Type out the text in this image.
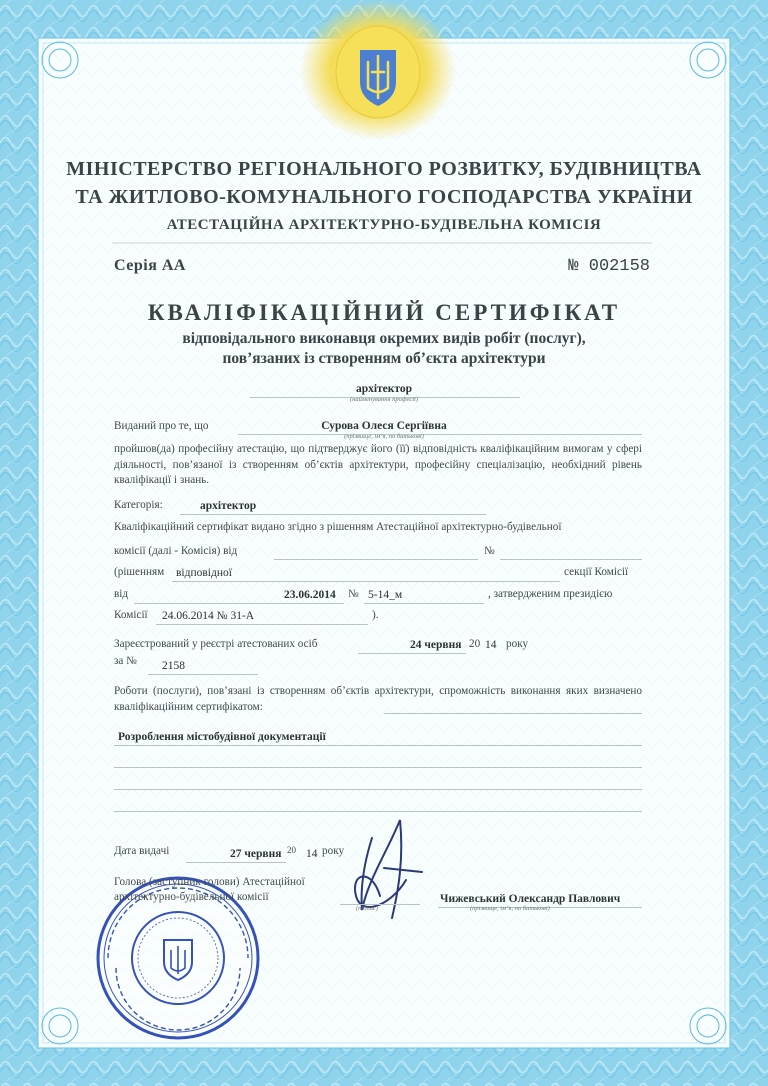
МІНІСТЕРСТВО РЕГІОНАЛЬНОГО РОЗВИТКУ, БУДІВНИЦТВА
ТА ЖИТЛОВО-КОМУНАЛЬНОГО ГОСПОДАРСТВА УКРАЇНИ
АТЕСТАЦІЙНА АРХІТЕКТУРНО-БУДІВЕЛЬНА КОМІСІЯ
Серія АА	№ 002158
КВАЛІФІКАЦІЙНИЙ СЕРТИФІКАТ
відповідального виконавця окремих видів робіт (послуг),
пов’язаних із створенням об’єкта архітектури
архітектор
(найменування професії)
Виданий про те, що	Сурова Олеся Сергіївна
(прізвище, ім’я, по батькові)
пройшов(да) професійну атестацію, що підтверджує його (її) відповідність кваліфікаційним вимогам у сфері діяльності, пов’язаної із створенням об’єктів архітектури, професійну спеціалізацію, необхідний рівень кваліфікації і знань.
Категорія:	архітектор
Кваліфікаційний сертифікат видано згідно з рішенням Атестаційної архітектурно-будівельної
комісії (далі - Комісія) від	№
(рішенням відповідної	секції Комісії
від	23.06.2014 № 5-14_м	, затвердженим президією
Комісії 24.06.2014 № 31-А	).
Зареєстрований у реєстрі атестованих осіб	24 червня 20 14 року
за № 2158
Роботи (послуги), пов’язані із створенням об’єктів архітектури, спроможність виконання яких визначено кваліфікаційним сертифікатом:
Розроблення містобудівної документації
Дата видачі	27 червня 20 14 року
Голова (заступник голови) Атестаційної
архітектурно-будівельної комісії
(підпис)
Чижевський Олександр Павлович
(прізвище, ім’я, по батькові)
